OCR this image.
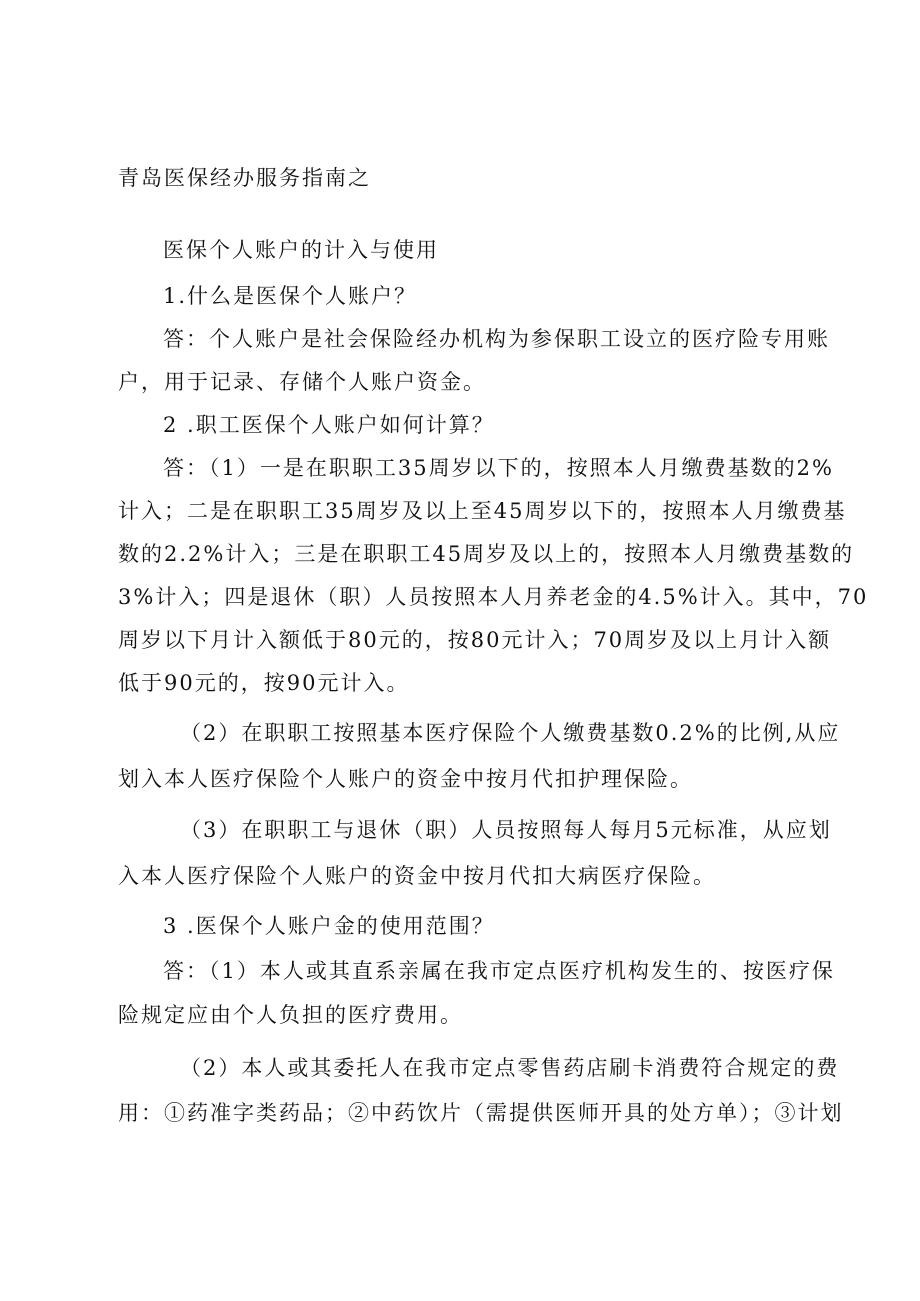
青岛医保经办服务指南之
医保个人账户的计入与使用
1.什么是医保个人账户？
答：个人账户是社会保险经办机构为参保职工设立的医疗险专用账
户，用于记录、存储个人账户资金。
2 .职工医保个人账户如何计算？
答：（1）一是在职职工35周岁以下的，按照本人月缴费基数的2%
计入；二是在职职工35周岁及以上至45周岁以下的，按照本人月缴费基
数的2.2%计入；三是在职职工45周岁及以上的，按照本人月缴费基数的
3%计入；四是退休（职）人员按照本人月养老金的4.5%计入。其中，70
周岁以下月计入额低于80元的，按80元计入；70周岁及以上月计入额
低于90元的，按90元计入。
（2）在职职工按照基本医疗保险个人缴费基数0.2%的比例,从应
划入本人医疗保险个人账户的资金中按月代扣护理保险。
（3）在职职工与退休（职）人员按照每人每月5元标准，从应划
入本人医疗保险个人账户的资金中按月代扣大病医疗保险。
3 .医保个人账户金的使用范围？
答：（1）本人或其直系亲属在我市定点医疗机构发生的、按医疗保
险规定应由个人负担的医疗费用。
（2）本人或其委托人在我市定点零售药店刷卡消费符合规定的费
用：①药准字类药品；②中药饮片（需提供医师开具的处方单）；③计划
